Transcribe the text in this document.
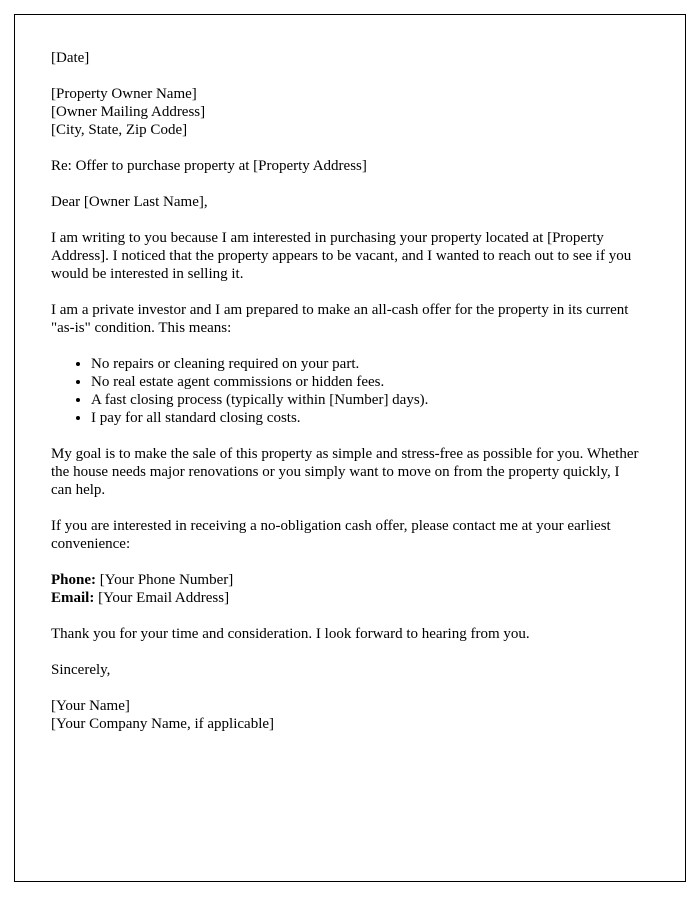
[Date]

[Property Owner Name]
[Owner Mailing Address]
[City, State, Zip Code]

Re: Offer to purchase property at [Property Address]

Dear [Owner Last Name],

I am writing to you because I am interested in purchasing your property located at [Property Address]. I noticed that the property appears to be vacant, and I wanted to reach out to see if you would be interested in selling it.

I am a private investor and I am prepared to make an all-cash offer for the property in its current "as-is" condition. This means:

• No repairs or cleaning required on your part.
• No real estate agent commissions or hidden fees.
• A fast closing process (typically within [Number] days).
• I pay for all standard closing costs.

My goal is to make the sale of this property as simple and stress-free as possible for you. Whether the house needs major renovations or you simply want to move on from the property quickly, I can help.

If you are interested in receiving a no-obligation cash offer, please contact me at your earliest convenience:

Phone: [Your Phone Number]
Email: [Your Email Address]

Thank you for your time and consideration. I look forward to hearing from you.

Sincerely,

[Your Name]
[Your Company Name, if applicable]
